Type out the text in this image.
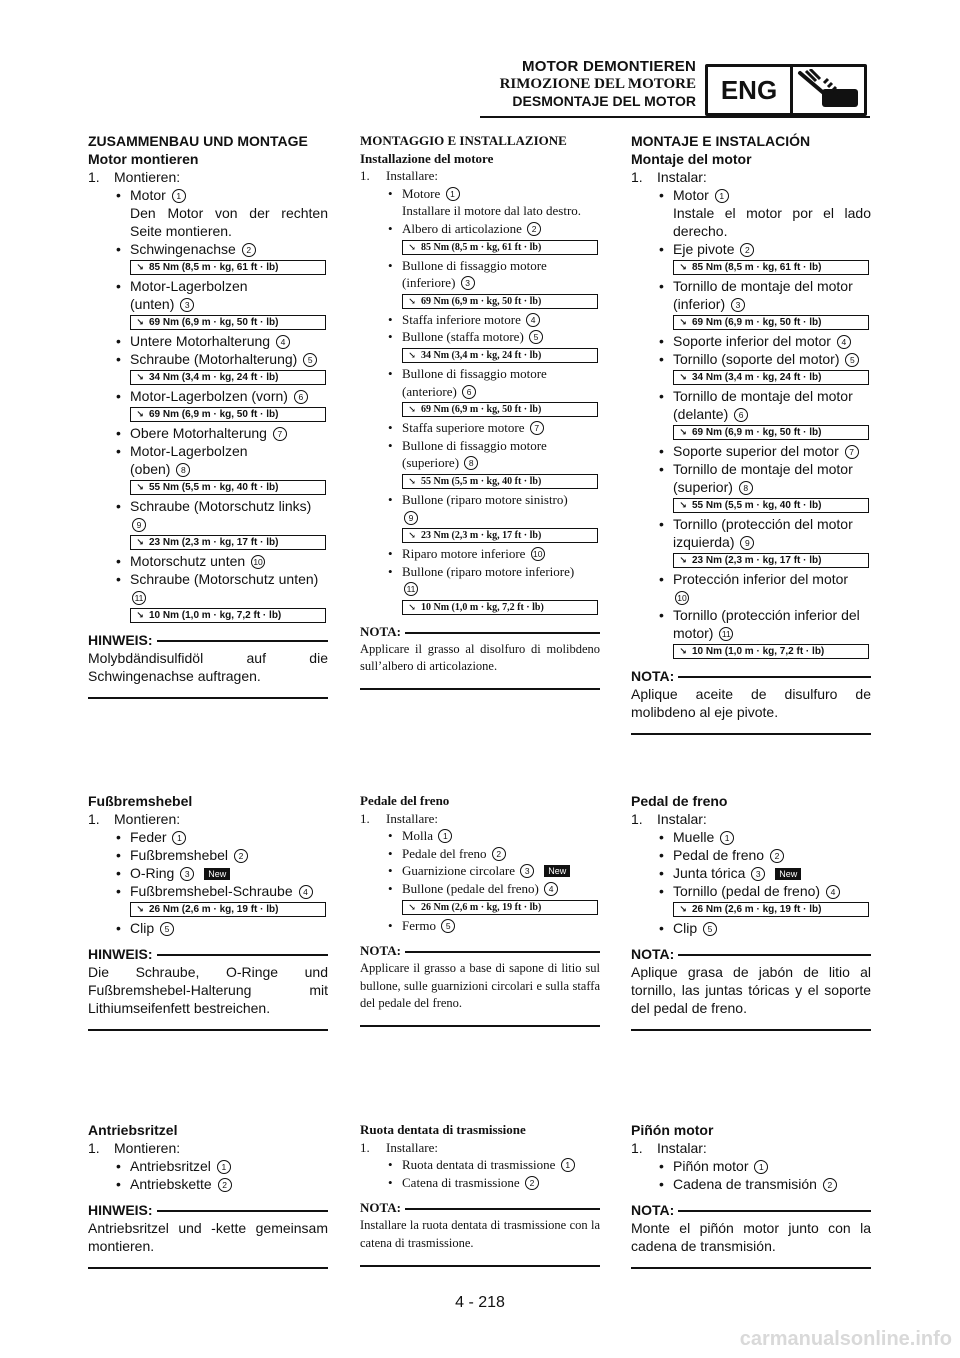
MOTOR DEMONTIEREN
RIMOZIONE DEL MOTORE
DESMONTAJE DEL MOTOR ENG
ZUSAMMENBAU UND MONTAGE
Motor montieren
1.	Montieren:
• Motor 1
Den Motor von der rechten Seite montieren.
• Schwingenachse 2
↘ 85 Nm (8,5 m · kg, 61 ft · lb)
• Motor-Lagerbolzen
(unten) 3
↘ 69 Nm (6,9 m · kg, 50 ft · lb)
• Untere Motorhalterung 4
• Schraube (Motorhalterung) 5
↘ 34 Nm (3,4 m · kg, 24 ft · lb)
• Motor-Lagerbolzen (vorn) 6
↘ 69 Nm (6,9 m · kg, 50 ft · lb)
• Obere Motorhalterung 7
• Motor-Lagerbolzen
(oben) 8
↘ 55 Nm (5,5 m · kg, 40 ft · lb)
• Schraube (Motorschutz links)
9
↘ 23 Nm (2,3 m · kg, 17 ft · lb)
• Motorschutz unten 10
• Schraube (Motorschutz unten)
11
↘ 10 Nm (1,0 m · kg, 7,2 ft · lb)
HINWEIS:
Molybdändisulfidöl auf die Schwingenachse auftragen.
Fußbremshebel
1.	Montieren:
• Feder 1
• Fußbremshebel 2
• O-Ring 3 New
• Fußbremshebel-Schraube 4
↘ 26 Nm (2,6 m · kg, 19 ft · lb)
• Clip 5
HINWEIS:
Die Schraube, O-Ringe und Fußbremshebel-Halterung mit Lithiumseifenfett bestreichen.
Antriebsritzel
1.	Montieren:
• Antriebsritzel 1
• Antriebskette 2
HINWEIS:
Antriebsritzel und -kette gemeinsam montieren.
MONTAGGIO E INSTALLAZIONE
Installazione del motore
1.	Installare:
• Motore 1
Installare il motore dal lato destro.
• Albero di articolazione 2
↘ 85 Nm (8,5 m · kg, 61 ft · lb)
• Bullone di fissaggio motore
(inferiore) 3
↘ 69 Nm (6,9 m · kg, 50 ft · lb)
• Staffa inferiore motore 4
• Bullone (staffa motore) 5
↘ 34 Nm (3,4 m · kg, 24 ft · lb)
• Bullone di fissaggio motore
(anteriore) 6
↘ 69 Nm (6,9 m · kg, 50 ft · lb)
• Staffa superiore motore 7
• Bullone di fissaggio motore
(superiore) 8
↘ 55 Nm (5,5 m · kg, 40 ft · lb)
• Bullone (riparo motore sinistro)
9
↘ 23 Nm (2,3 m · kg, 17 ft · lb)
• Riparo motore inferiore 10
• Bullone (riparo motore inferiore)
11
↘ 10 Nm (1,0 m · kg, 7,2 ft · lb)
NOTA:
Applicare il grasso al disolfuro di molibdeno sull’albero di articolazione.
Pedale del freno
1.	Installare:
• Molla 1
• Pedale del freno 2
• Guarnizione circolare 3 New
• Bullone (pedale del freno) 4
↘ 26 Nm (2,6 m · kg, 19 ft · lb)
• Fermo 5
NOTA:
Applicare il grasso a base di sapone di litio sul bullone, sulle guarnizioni circolari e sulla staffa del pedale del freno.
Ruota dentata di trasmissione
1.	Installare:
• Ruota dentata di trasmissione 1
• Catena di trasmissione 2
NOTA:
Installare la ruota dentata di trasmissione con la catena di trasmissione.
MONTAJE E INSTALACIÓN
Montaje del motor
1.	Instalar:
• Motor 1
Instale el motor por el lado derecho.
• Eje pivote 2
↘ 85 Nm (8,5 m · kg, 61 ft · lb)
• Tornillo de montaje del motor
(inferior) 3
↘ 69 Nm (6,9 m · kg, 50 ft · lb)
• Soporte inferior del motor 4
• Tornillo (soporte del motor) 5
↘ 34 Nm (3,4 m · kg, 24 ft · lb)
• Tornillo de montaje del motor
(delante) 6
↘ 69 Nm (6,9 m · kg, 50 ft · lb)
• Soporte superior del motor 7
• Tornillo de montaje del motor
(superior) 8
↘ 55 Nm (5,5 m · kg, 40 ft · lb)
• Tornillo (protección del motor
izquierda) 9
↘ 23 Nm (2,3 m · kg, 17 ft · lb)
• Protección inferior del motor
10
• Tornillo (protección inferior del
motor) 11
↘ 10 Nm (1,0 m · kg, 7,2 ft · lb)
NOTA:
Aplique aceite de disulfuro de molibdeno al eje pivote.
Pedal de freno
1.	Instalar:
• Muelle 1
• Pedal de freno 2
• Junta tórica 3 New
• Tornillo (pedal de freno) 4
↘ 26 Nm (2,6 m · kg, 19 ft · lb)
• Clip 5
NOTA:
Aplique grasa de jabón de litio al tornillo, las juntas tóricas y el soporte del pedal de freno.
Piñón motor
1.	Instalar:
• Piñón motor 1
• Cadena de transmisión 2
NOTA:
Monte el piñón motor junto con la cadena de transmisión.
4 - 218
carmanualsonline.info
